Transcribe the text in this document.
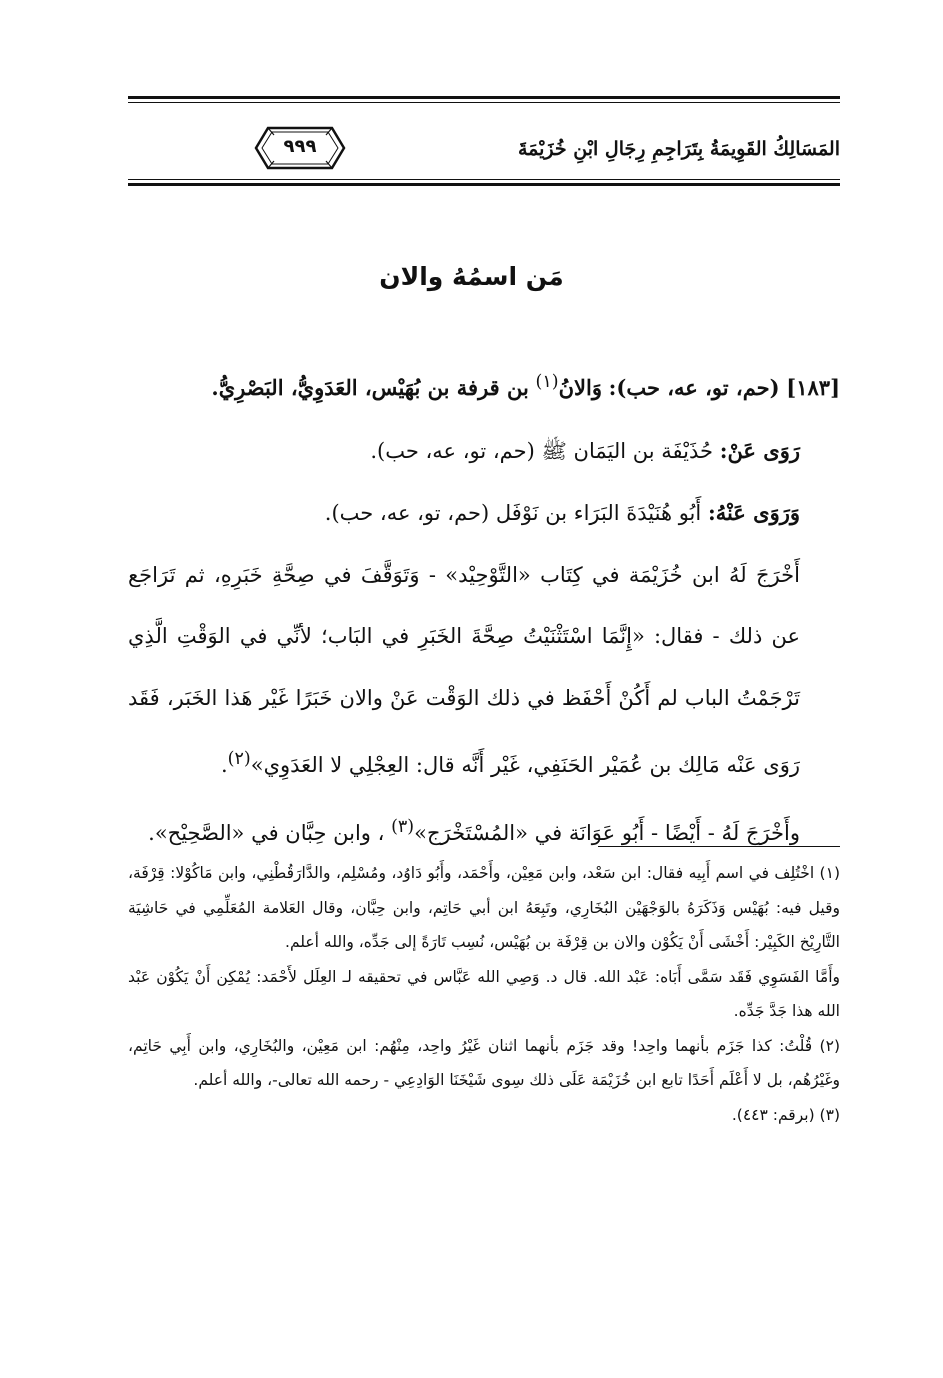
٩٩٩	المَسَالِكُ القَوِيمَةُ بِتَرَاجِمِ رِجَالِ ابْنِ خُزَيْمَةَ
مَن اسمُهُ والان

[١٨٣] (حم، تو، عه، حب): وَالانُ$^{(١)}$ بن قرفة بن بُهَيْس، العَدَوِيُّ، البَصْرِيُّ.

رَوَى عَنْ: حُذَيْفَة بن اليَمَان ﷺ (حم، تو، عه، حب).

وَرَوَى عَنْهُ: أَبُو هُنَيْدَةَ البَرَاء بن نَوْفَل (حم، تو، عه، حب).

أَخْرَجَ لَهُ ابن خُزَيْمَة في كِتَاب «التَّوْحِيْد» - وَتَوَقَّفَ في صِحَّةِ خَبَرِهِ، ثم تَرَاجَع عن ذلك - فقال: «إِنَّمَا اسْتَثْنَيْتُ صِحَّةَ الخَبَرِ في البَاب؛ لأنِّي في الوَقْتِ الَّذِي تَرْجَمْتُ الباب لم أَكُنْ أَحْفَظ في ذلك الوَقْت عَنْ والان خَبَرًا غَيْر هَذا الخَبَر، فَقَد رَوَى عَنْه مَالِك بن عُمَيْر الحَنَفِي، غَيْر أَنَّه قال: العِجْلِي لا العَدَوِي»$^{(٢)}$.

وأَخْرَجَ لَهُ - أَيْضًا - أَبُو عَوَانَة في «المُسْتَخْرَج»$^{(٣)}$ ، وابن حِبَّان في «الصَّحِيْح».

(١) اخْتُلِف في اسم أَبِيه فقال: ابن سَعْد، وابن مَعِيْن، وأَحْمَد، وأَبُو دَاوُد، ومُسْلِم، والدَّارَقُطْنِي، وابن مَاكُوْلا: قِرْفَة، وقيل فيه: بُهَيْس وَذَكَرَهُ بالوَجْهَيْن البُخَارِي، وتَبِعَهُ ابن أبي حَاتِم، وابن حِبَّان، وقال العَلامة المُعَلِّمِي في حَاشِيَة التَّارِيْخ الكَبِيْر: أَخْشَى أَنْ يَكُوْن والان بن قِرْفَة بن بُهَيْس، نُسِب تَارَةً إلى جَدِّه، والله أعلم.

وأَمَّا الفَسَوِي فَقَد سَمَّى أَبَاه: عَبْد الله. قال د. وَصِي الله عَبَّاس في تحقيقه لـ العِلَل لأَحْمَد: يُمْكِن أَنْ يَكُوْن عَبْد الله هذا جَدَّ جَدِّه.

(٢) قُلْتُ: كذا جَزَم بأنهما واحِد! وقد جَزَم بأنهما اثنان غَيْرُ واحِد، مِنْهُم: ابن مَعِيْن، والبُخَارِي، وابن أَبِي حَاتِم، وغَيْرُهُم، بل لا أَعْلَم أَحَدًا تابع ابن خُزَيْمَة عَلَى ذلك سِوى شَيْخَنَا الوَادِعِي - رحمه الله تعالى-، والله أعلم.

(٣) (برقم: ٤٤٣).
